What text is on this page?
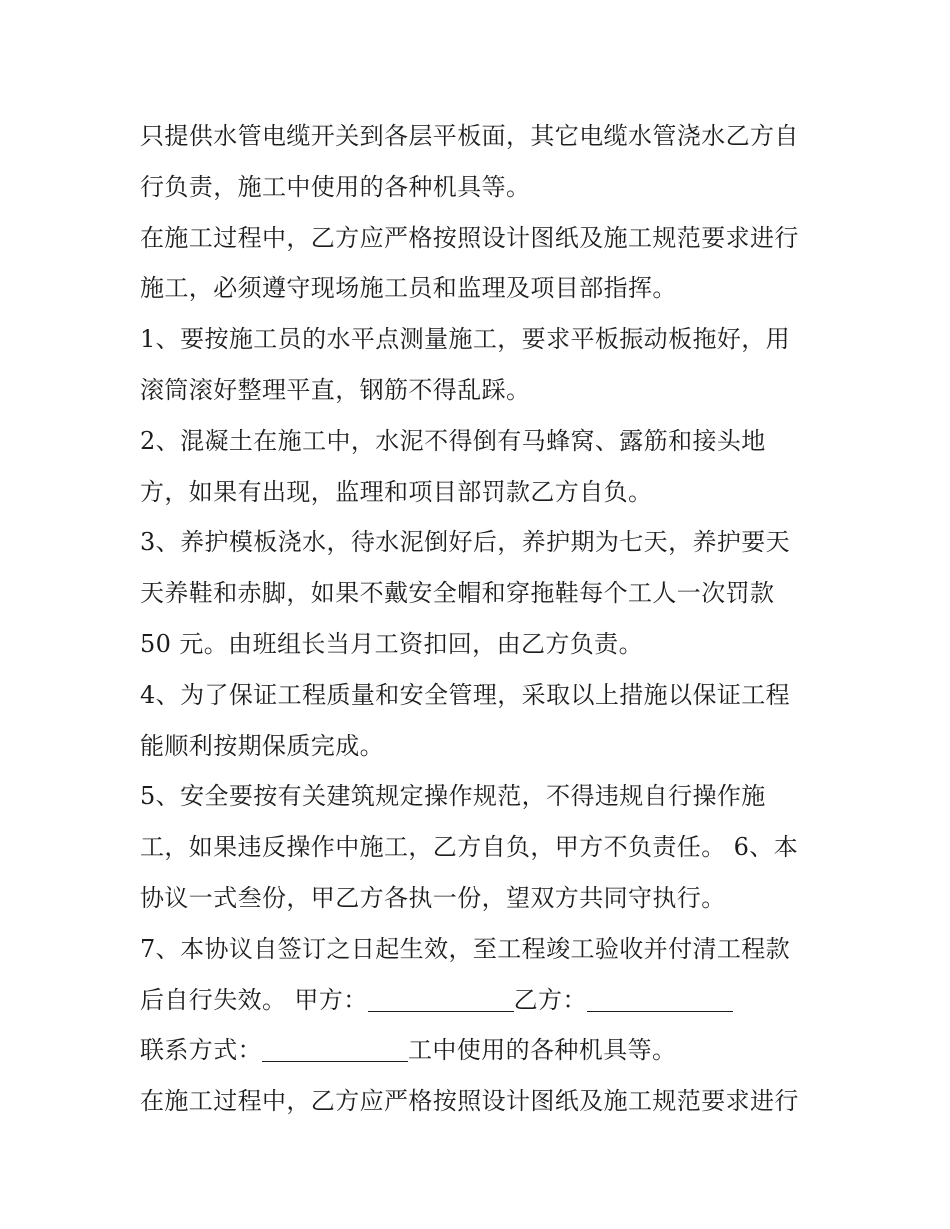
只提供水管电缆开关到各层平板面，其它电缆水管浇水乙方自
行负责，施工中使用的各种机具等。
在施工过程中，乙方应严格按照设计图纸及施工规范要求进行
施工，必须遵守现场施工员和监理及项目部指挥。
1、要按施工员的水平点测量施工，要求平板振动板拖好，用
滚筒滚好整理平直，钢筋不得乱踩。
2、混凝土在施工中，水泥不得倒有马蜂窝、露筋和接头地
方，如果有出现，监理和项目部罚款乙方自负。
3、养护模板浇水，待水泥倒好后，养护期为七天，养护要天
天养鞋和赤脚，如果不戴安全帽和穿拖鞋每个工人一次罚款
50 元。由班组长当月工资扣回，由乙方负责。
4、为了保证工程质量和安全管理，采取以上措施以保证工程
能顺利按期保质完成。
5、安全要按有关建筑规定操作规范，不得违规自行操作施
工，如果违反操作中施工，乙方自负，甲方不负责任。 6、本
协议一式叁份，甲乙方各执一份，望双方共同守执行。
7、本协议自签订之日起生效，至工程竣工验收并付清工程款
后自行失效。 甲方：	乙方：
联系方式：	工中使用的各种机具等。
在施工过程中，乙方应严格按照设计图纸及施工规范要求进行
